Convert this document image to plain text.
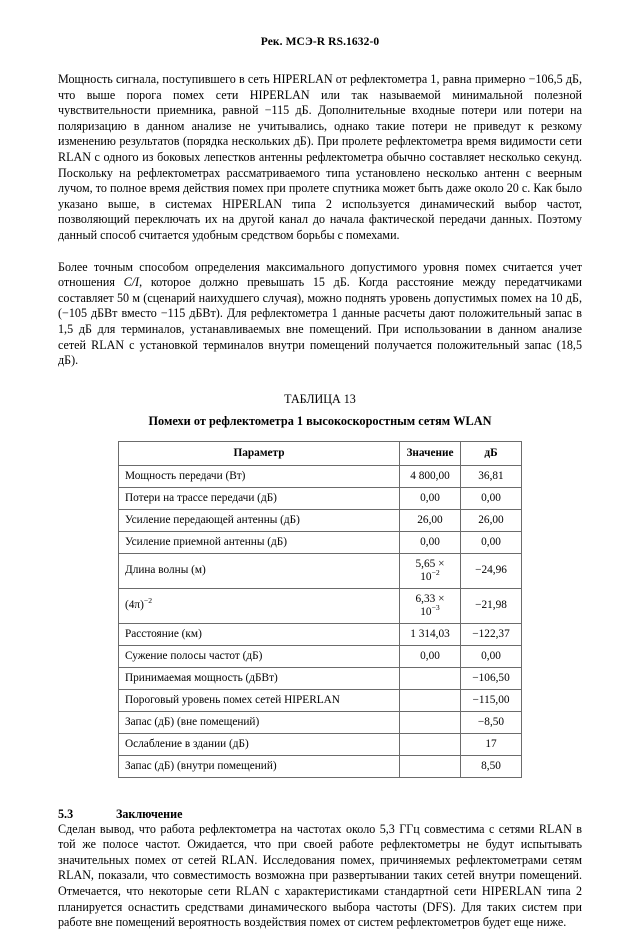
Рек. МСЭ-R RS.1632-0

Мощность сигнала, поступившего в сеть HIPERLAN от рефлектометра 1, равна примерно −106,5 дБ, что выше порога помех сети HIPERLAN или так называемой минимальной полезной чувствительности приемника, равной −115 дБ. Дополнительные входные потери или потери на поляризацию в данном анализе не учитывались, однако такие потери не приведут к резкому изменению результатов (порядка нескольких дБ). При пролете рефлектометра время видимости сети RLAN с одного из боковых лепестков антенны рефлектометра обычно составляет несколько секунд. Поскольку на рефлектометрах рассматриваемого типа установлено несколько антенн с веерным лучом, то полное время действия помех при пролете спутника может быть даже около 20 с. Как было указано выше, в системах HIPERLAN типа 2 используется динамический выбор частот, позволяющий переключать их на другой канал до начала фактической передачи данных. Поэтому данный способ считается удобным средством борьбы с помехами.

Более точным способом определения максимального допустимого уровня помех считается учет отношения C/I, которое должно превышать 15 дБ. Когда расстояние между передатчиками составляет 50 м (сценарий наихудшего случая), можно поднять уровень допустимых помех на 10 дБ, (−105 дБВт вместо −115 дБВт). Для рефлектометра 1 данные расчеты дают положительный запас в 1,5 дБ для терминалов, устанавливаемых вне помещений. При использовании в данном анализе сетей RLAN с установкой терминалов внутри помещений получается положительный запас (18,5 дБ).

ТАБЛИЦА 13
Помехи от рефлектометра 1 высокоскоростным сетям WLAN
Параметр	Значение	дБ
Мощность передачи (Вт)	4 800,00	36,81
Потери на трассе передачи (дБ)	0,00	0,00
Усиление передающей антенны (дБ)	26,00	26,00
Усиление приемной антенны (дБ)	0,00	0,00
Длина волны (м)	$5,65 \times 10^{-2}$	−24,96
$(4\pi)^{-2}$	$6,33 \times 10^{-3}$	−21,98
Расстояние (км)	1 314,03	−122,37
Сужение полосы частот (дБ)	0,00	0,00
Принимаемая мощность (дБВт)		−106,50
Пороговый уровень помех сетей HIPERLAN		−115,00
Запас (дБ) (вне помещений)		−8,50
Ослабление в здании (дБ)		17
Запас (дБ) (внутри помещений)		8,50
5.3	Заключение

Сделан вывод, что работа рефлектометра на частотах около 5,3 ГГц совместима с сетями RLAN в той же полосе частот. Ожидается, что при своей работе рефлектометры не будут испытывать значительных помех от сетей RLAN. Исследования помех, причиняемых рефлектометрами сетям RLAN, показали, что совместимость возможна при развертывании таких сетей внутри помещений. Отмечается, что некоторые сети RLAN с характеристиками стандартной сети HIPERLAN типа 2 планируется оснастить средствами динамического выбора частоты (DFS). Для таких систем при работе вне помещений вероятность воздействия помех от систем рефлектометров будет еще ниже.
